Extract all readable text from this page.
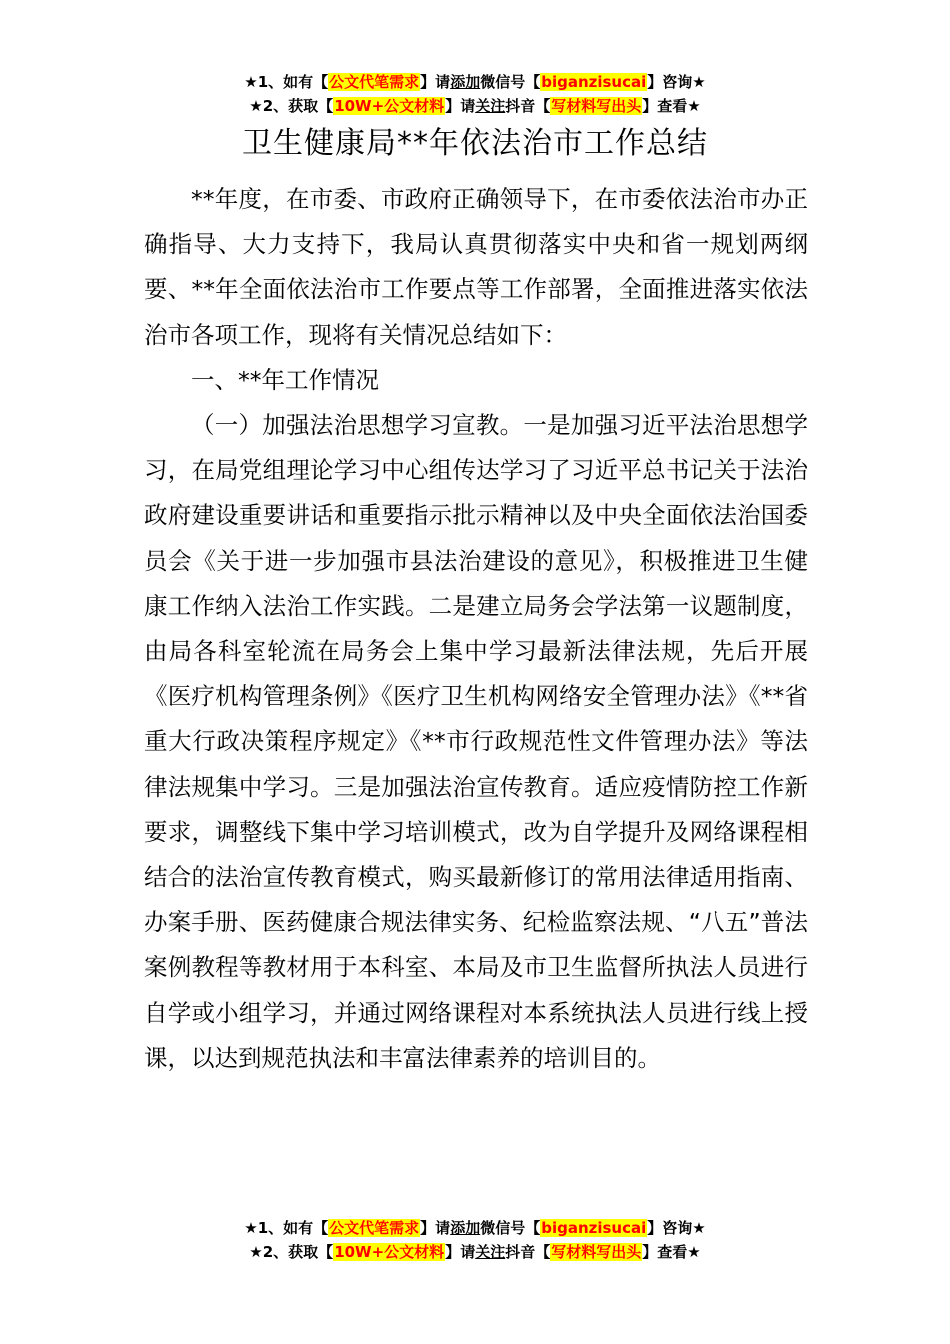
★1、如有【公文代笔需求】请添加微信号【biganzisucai】咨询★
★2、获取【10W+公文材料】请关注抖音【写材料写出头】查看★
卫生健康局**年依法治市工作总结

**年度，在市委、市政府正确领导下，在市委依法治市办正确指导、大力支持下，我局认真贯彻落实中央和省一规划两纲要、**年全面依法治市工作要点等工作部署，全面推进落实依法治市各项工作，现将有关情况总结如下：

一、**年工作情况

（一）加强法治思想学习宣教。一是加强习近平法治思想学习，在局党组理论学习中心组传达学习了习近平总书记关于法治政府建设重要讲话和重要指示批示精神以及中央全面依法治国委员会《关于进一步加强市县法治建设的意见》，积极推进卫生健康工作纳入法治工作实践。二是建立局务会学法第一议题制度，由局各科室轮流在局务会上集中学习最新法律法规，先后开展《医疗机构管理条例》《医疗卫生机构网络安全管理办法》《**省重大行政决策程序规定》《**市行政规范性文件管理办法》等法律法规集中学习。三是加强法治宣传教育。适应疫情防控工作新要求，调整线下集中学习培训模式，改为自学提升及网络课程相结合的法治宣传教育模式，购买最新修订的常用法律适用指南、办案手册、医药健康合规法律实务、纪检监察法规、“八五”普法案例教程等教材用于本科室、本局及市卫生监督所执法人员进行自学或小组学习，并通过网络课程对本系统执法人员进行线上授课，以达到规范执法和丰富法律素养的培训目的。

★1、如有【公文代笔需求】请添加微信号【biganzisucai】咨询★
★2、获取【10W+公文材料】请关注抖音【写材料写出头】查看★
